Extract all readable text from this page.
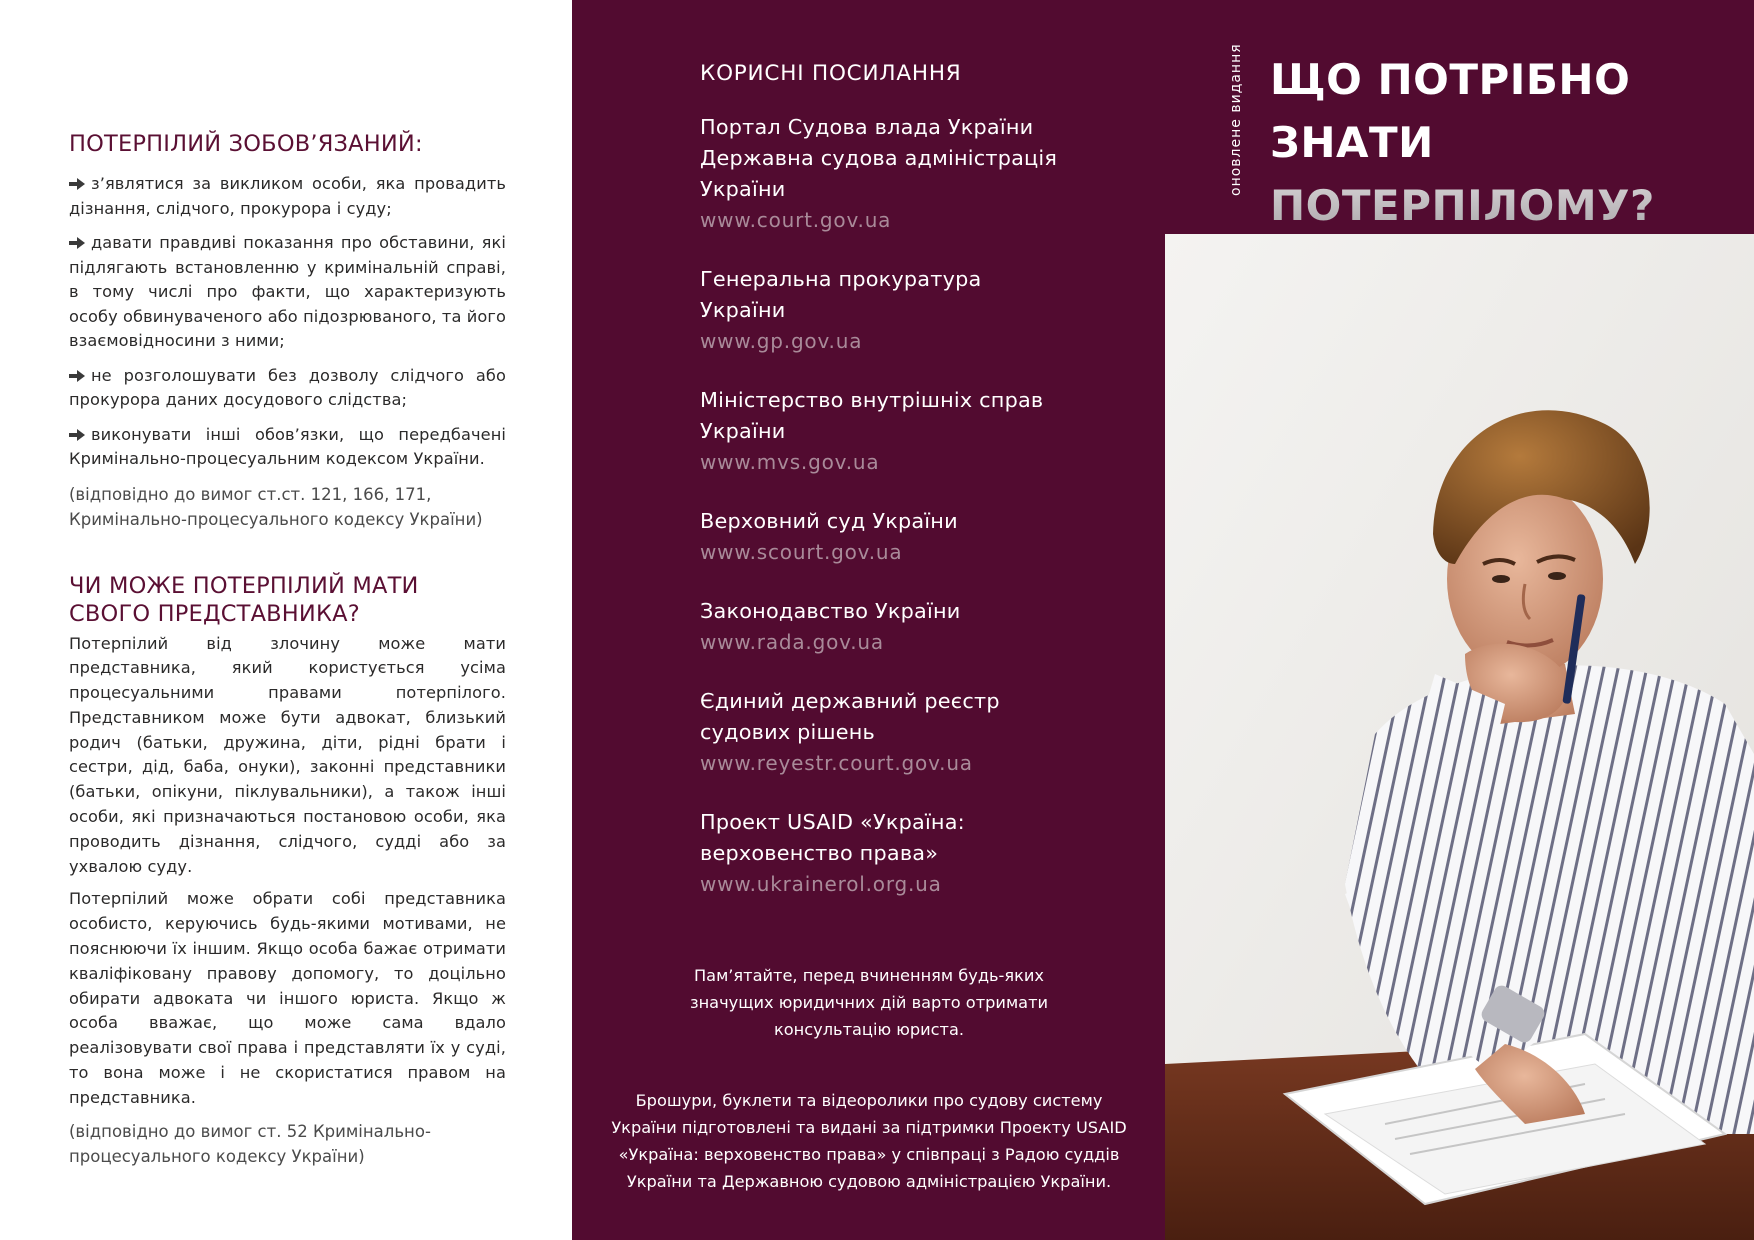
ПОТЕРПІЛИЙ ЗОБОВ’ЯЗАНИЙ:
з’являтися за викликом особи, яка провадить дізнання, слідчого, прокурора і суду;
давати правдиві показання про обставини, які підлягають встановленню у кримінальній справі, в тому числі про факти, що характеризують особу обвинуваченого або підозрюваного, та його взаємовідносини з ними;
не розголошувати без дозволу слідчого або прокурора даних досудового слідства;
виконувати інші обов’язки, що передбачені Кримінально-процесуальним кодексом України.

(відповідно до вимог ст.ст. 121, 166, 171, Кримінально-процесуального кодексу України)

ЧИ МОЖЕ ПОТЕРПІЛИЙ МАТИ СВОГО ПРЕДСТАВНИКА?

Потерпілий від злочину може мати представника, який користується усіма процесуальними правами потерпілого. Представником може бути адвокат, близький родич (батьки, дружина, діти, рідні брати і сестри, дід, баба, онуки), законні представники (батьки, опікуни, піклувальники), а також інші особи, які призначаються постановою особи, яка проводить дізнання, слідчого, судді або за ухвалою суду.

Потерпілий може обрати собі представника особисто, керуючись будь-якими мотивами, не пояснюючи їх іншим. Якщо особа бажає отримати кваліфіковану правову допомогу, то доцільно обирати адвоката чи іншого юриста. Якщо ж особа вважає, що може сама вдало реалізовувати свої права і представляти їх у суді, то вона може і не скористатися правом на представника.

(відповідно до вимог ст. 52 Кримінально-процесуального кодексу України)

КОРИСНІ ПОСИЛАННЯ

Портал Судова влада України

Державна судова адміністрація

України

www.court.gov.ua

Генеральна прокуратура

України

www.gp.gov.ua

Міністерство внутрішніх справ

України

www.mvs.gov.ua

Верховний суд України

www.scourt.gov.ua

Законодавство України

www.rada.gov.ua

Єдиний державний реєстр

судових рішень

www.reyestr.court.gov.ua

Проект USAID «Україна:

верховенство права»

www.ukrainerol.org.ua

Пам’ятайте, перед вчиненням будь-яких
значущих юридичних дій варто отримати
консультацію юриста.
Брошури, буклети та відеоролики про судову систему
України підготовлені та видані за підтримки Проекту USAID
«Україна: верховенство права» у співпраці з Радою суддів
України та Державною судовою адміністрацією України.
оновлене видання ЩО ПОТРІБНО
ЗНАТИ
ПОТЕРПІЛОМУ?
